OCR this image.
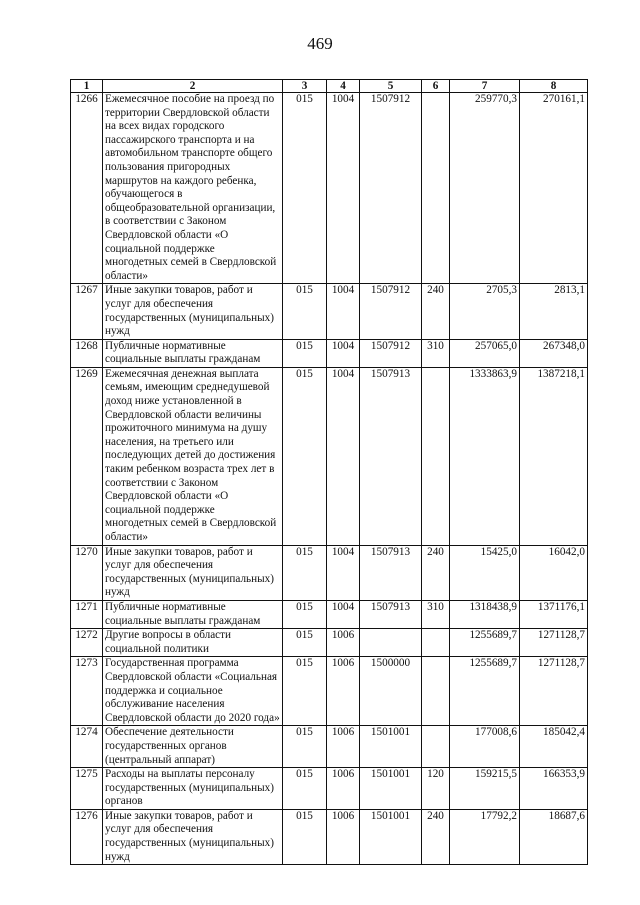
469
1	2	3	4	5	6	7	8
1266	Ежемесячное пособие на проезд по территории Свердловской области на всех видах городского пассажирского транспорта и на автомобильном транспорте общего пользования пригородных маршрутов на каждого ребенка, обучающегося в общеобразовательной организации, в соответствии с Законом Свердловской области «О социальной поддержке многодетных семей в Свердловской области»	015	1004	1507912		259770,3	270161,1
1267	Иные закупки товаров, работ и услуг для обеспечения государственных (муниципальных) нужд	015	1004	1507912	240	2705,3	2813,1
1268	Публичные нормативные социальные выплаты гражданам	015	1004	1507912	310	257065,0	267348,0
1269	Ежемесячная денежная выплата семьям, имеющим среднедушевой доход ниже установленной в Свердловской области величины прожиточного минимума на душу населения, на третьего или последующих детей до достижения таким ребенком возраста трех лет в соответствии с Законом Свердловской области «О социальной поддержке многодетных семей в Свердловской области»	015	1004	1507913		1333863,9	1387218,1
1270	Иные закупки товаров, работ и услуг для обеспечения государственных (муниципальных) нужд	015	1004	1507913	240	15425,0	16042,0
1271	Публичные нормативные социальные выплаты гражданам	015	1004	1507913	310	1318438,9	1371176,1
1272	Другие вопросы в области социальной политики	015	1006			1255689,7	1271128,7
1273	Государственная программа Свердловской области «Социальная поддержка и социальное обслуживание населения Свердловской области до 2020 года»	015	1006	1500000		1255689,7	1271128,7
1274	Обеспечение деятельности государственных органов (центральный аппарат)	015	1006	1501001		177008,6	185042,4
1275	Расходы на выплаты персоналу государственных (муниципальных) органов	015	1006	1501001	120	159215,5	166353,9
1276	Иные закупки товаров, работ и услуг для обеспечения государственных (муниципальных) нужд	015	1006	1501001	240	17792,2	18687,6
